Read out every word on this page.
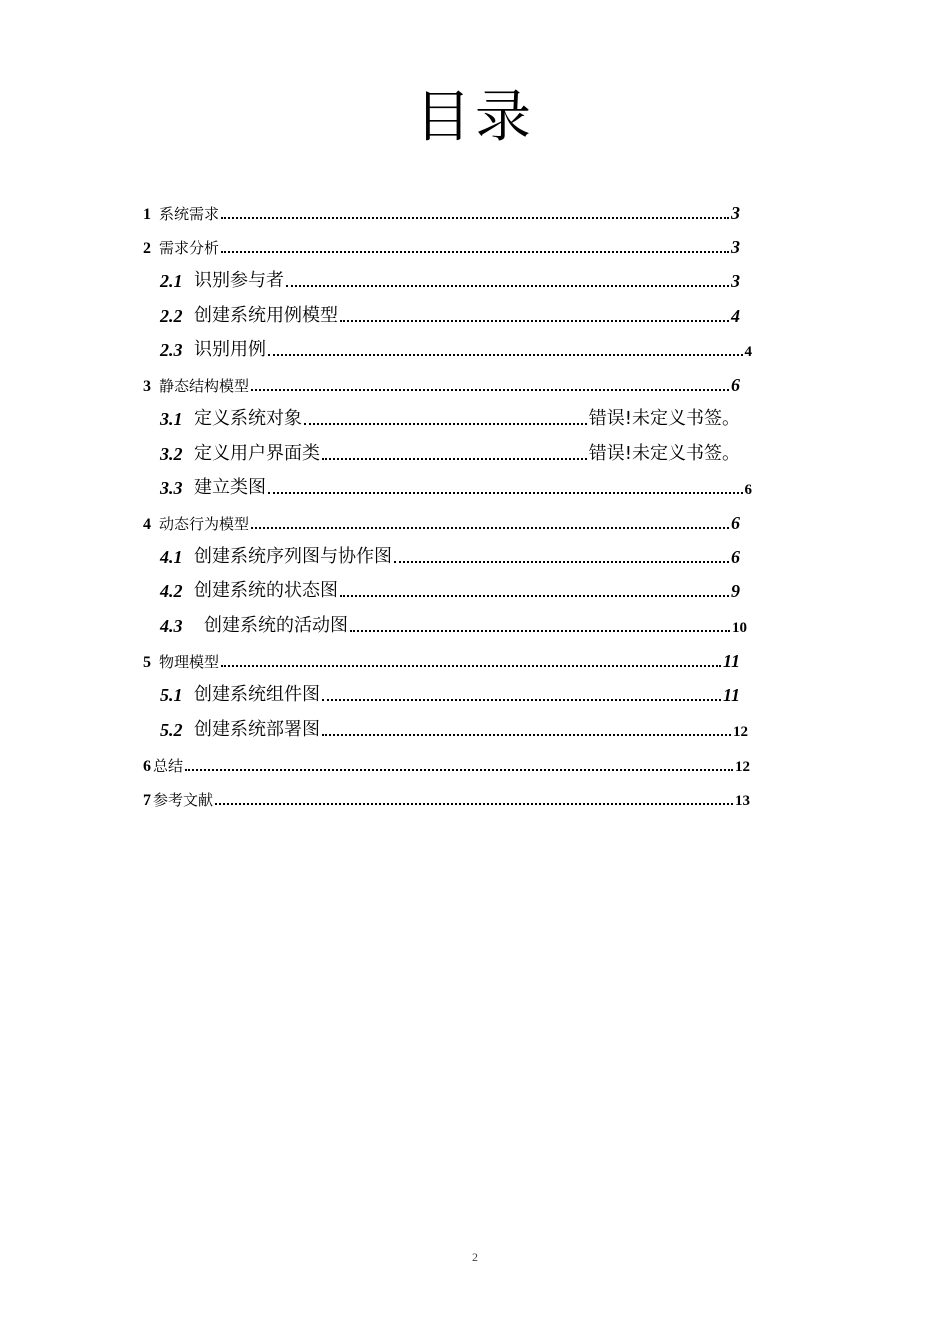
目录
1 系统需求	3
2 需求分析	3
2.1 识别参与者	3
2.2 创建系统用例模型	4
2.3 识别用例	4
3 静态结构模型	6
3.1 定义系统对象	错误!未定义书签。
3.2 定义用户界面类	错误!未定义书签。
3.3 建立类图	6
4 动态行为模型	6
4.1 创建系统序列图与协作图	6
4.2 创建系统的状态图	9
4.3	创建系统的活动图	10
5 物理模型	11
5.1 创建系统组件图	11
5.2 创建系统部署图	12
6 总结	12
7 参考文献	13
2
